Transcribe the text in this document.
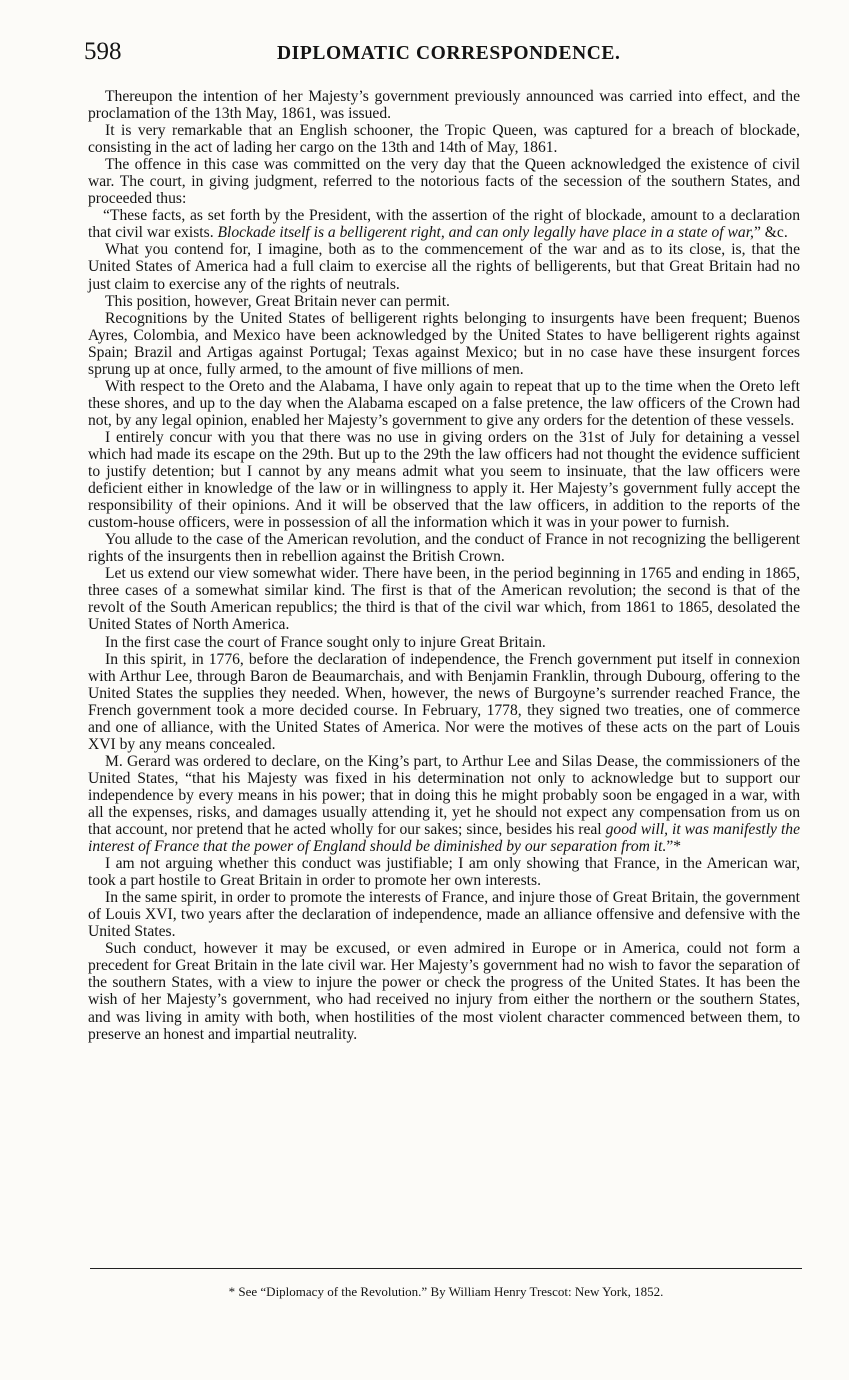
598	DIPLOMATIC CORRESPONDENCE.

Thereupon the intention of her Majesty’s government previously announced was carried into effect, and the proclamation of the 13th May, 1861, was issued.

It is very remarkable that an English schooner, the Tropic Queen, was captured for a breach of blockade, consisting in the act of lading her cargo on the 13th and 14th of May, 1861.

The offence in this case was committed on the very day that the Queen acknowledged the existence of civil war. The court, in giving judgment, referred to the notorious facts of the secession of the southern States, and proceeded thus:

“These facts, as set forth by the President, with the assertion of the right of blockade, amount to a declaration that civil war exists. Blockade itself is a belligerent right, and can only legally have place in a state of war,” &c.

What you contend for, I imagine, both as to the commencement of the war and as to its close, is, that the United States of America had a full claim to exercise all the rights of belligerents, but that Great Britain had no just claim to exercise any of the rights of neutrals.

This position, however, Great Britain never can permit.

Recognitions by the United States of belligerent rights belonging to insurgents have been frequent; Buenos Ayres, Colombia, and Mexico have been acknowledged by the United States to have belligerent rights against Spain; Brazil and Artigas against Portugal; Texas against Mexico; but in no case have these insurgent forces sprung up at once, fully armed, to the amount of five millions of men.

With respect to the Oreto and the Alabama, I have only again to repeat that up to the time when the Oreto left these shores, and up to the day when the Alabama escaped on a false pretence, the law officers of the Crown had not, by any legal opinion, enabled her Majesty’s government to give any orders for the detention of these vessels.

I entirely concur with you that there was no use in giving orders on the 31st of July for detaining a vessel which had made its escape on the 29th. But up to the 29th the law officers had not thought the evidence sufficient to justify detention; but I cannot by any means admit what you seem to insinuate, that the law officers were deficient either in knowledge of the law or in willingness to apply it. Her Majesty’s government fully accept the responsibility of their opinions. And it will be observed that the law officers, in addition to the reports of the custom-house officers, were in possession of all the information which it was in your power to furnish.

You allude to the case of the American revolution, and the conduct of France in not recognizing the belligerent rights of the insurgents then in rebellion against the British Crown.

Let us extend our view somewhat wider. There have been, in the period beginning in 1765 and ending in 1865, three cases of a somewhat similar kind. The first is that of the American revolution; the second is that of the revolt of the South American republics; the third is that of the civil war which, from 1861 to 1865, desolated the United States of North America.

In the first case the court of France sought only to injure Great Britain.

In this spirit, in 1776, before the declaration of independence, the French government put itself in connexion with Arthur Lee, through Baron de Beaumarchais, and with Benjamin Franklin, through Dubourg, offering to the United States the supplies they needed. When, however, the news of Burgoyne’s surrender reached France, the French government took a more decided course. In February, 1778, they signed two treaties, one of commerce and one of alliance, with the United States of America. Nor were the motives of these acts on the part of Louis XVI by any means concealed.

M. Gerard was ordered to declare, on the King’s part, to Arthur Lee and Silas Dease, the commissioners of the United States, “that his Majesty was fixed in his determination not only to acknowledge but to support our independence by every means in his power; that in doing this he might probably soon be engaged in a war, with all the expenses, risks, and damages usually attending it, yet he should not expect any compensation from us on that account, nor pretend that he acted wholly for our sakes; since, besides his real good will, it was manifestly the interest of France that the power of England should be diminished by our separation from it.”*

I am not arguing whether this conduct was justifiable; I am only showing that France, in the American war, took a part hostile to Great Britain in order to promote her own interests.

In the same spirit, in order to promote the interests of France, and injure those of Great Britain, the government of Louis XVI, two years after the declaration of independence, made an alliance offensive and defensive with the United States.

Such conduct, however it may be excused, or even admired in Europe or in America, could not form a precedent for Great Britain in the late civil war. Her Majesty’s government had no wish to favor the separation of the southern States, with a view to injure the power or check the progress of the United States. It has been the wish of her Majesty’s government, who had received no injury from either the northern or the southern States, and was living in amity with both, when hostilities of the most violent character commenced between them, to preserve an honest and impartial neutrality.

* See “Diplomacy of the Revolution.” By William Henry Trescot: New York, 1852.
